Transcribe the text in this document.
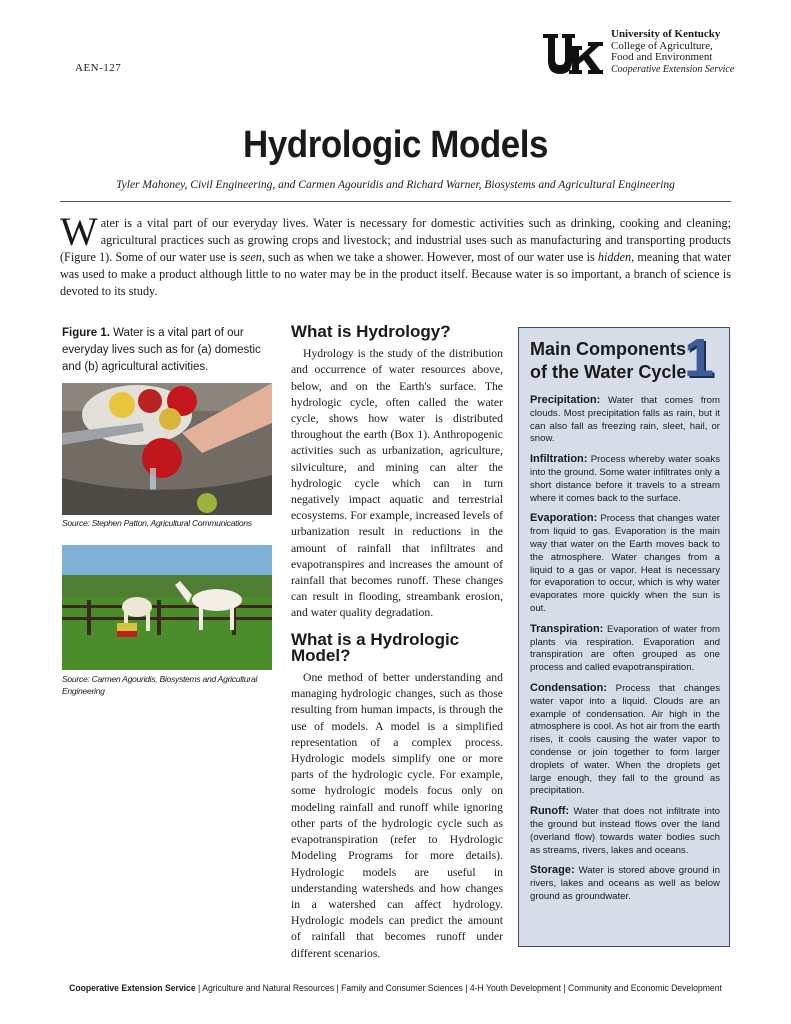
AEN-127
University of Kentucky
College of Agriculture,
Food and Environment
Cooperative Extension Service
Hydrologic Models
Tyler Mahoney, Civil Engineering, and Carmen Agouridis and Richard Warner, Biosystems and Agricultural Engineering
Water is a vital part of our everyday lives. Water is necessary for domestic activities such as drinking, cooking and cleaning; agricultural practices such as growing crops and livestock; and industrial uses such as manufacturing and transporting products (Figure 1). Some of our water use is seen, such as when we take a shower. However, most of our water use is hidden, meaning that water was used to make a product although little to no water may be in the product itself. Because water is so important, a branch of science is devoted to its study.
Figure 1. Water is a vital part of our everyday lives such as for (a) domestic and (b) agricultural activities.
Source: Stephen Patton, Agricultural Communications
Source: Carmen Agouridis, Biosystems and Agricultural Engineering
What is Hydrology?

Hydrology is the study of the distribution and occurrence of water resources above, below, and on the Earth's surface. The hydrologic cycle, often called the water cycle, shows how water is distributed throughout the earth (Box 1). Anthropogenic activities such as urbanization, agriculture, silviculture, and mining can alter the hydrologic cycle which can in turn negatively impact aquatic and terrestrial ecosystems. For example, increased levels of urbanization result in reductions in the amount of rainfall that infiltrates and evapotranspires and increases the amount of rainfall that becomes runoff. These changes can result in flooding, streambank erosion, and water quality degradation.

What is a Hydrologic Model?

One method of better understanding and managing hydrologic changes, such as those resulting from human impacts, is through the use of models. A model is a simplified representation of a complex process. Hydrologic models simplify one or more parts of the hydrologic cycle. For example, some hydrologic models focus only on modeling rainfall and runoff while ignoring other parts of the hydrologic cycle such as evapotranspiration (refer to Hydrologic Modeling Programs for more details). Hydrologic models are useful in understanding watersheds and how changes in a watershed can affect hydrology. Hydrologic models can predict the amount of rainfall that becomes runoff under different scenarios.

Main Components
of the Water Cycle
1

Precipitation: Water that comes from clouds. Most precipitation falls as rain, but it can also fall as freezing rain, sleet, hail, or snow.

Infiltration: Process whereby water soaks into the ground. Some water infiltrates only a short distance before it travels to a stream where it comes back to the surface.

Evaporation: Process that changes water from liquid to gas. Evaporation is the main way that water on the Earth moves back to the atmosphere. Water changes from a liquid to a gas or vapor. Heat is necessary for evaporation to occur, which is why water evaporates more quickly when the sun is out.

Transpiration: Evaporation of water from plants via respiration. Evaporation and transpiration are often grouped as one process and called evapotranspiration.

Condensation: Process that changes water vapor into a liquid. Clouds are an example of condensation. Air high in the atmosphere is cool. As hot air from the earth rises, it cools causing the water vapor to condense or join together to form larger droplets of water. When the droplets get large enough, they fall to the ground as precipitation.

Runoff: Water that does not infiltrate into the ground but instead flows over the land (overland flow) towards water bodies such as streams, rivers, lakes and oceans.

Storage: Water is stored above ground in rivers, lakes and oceans as well as below ground as groundwater.

Cooperative Extension Service | Agriculture and Natural Resources | Family and Consumer Sciences | 4-H Youth Development | Community and Economic Development
